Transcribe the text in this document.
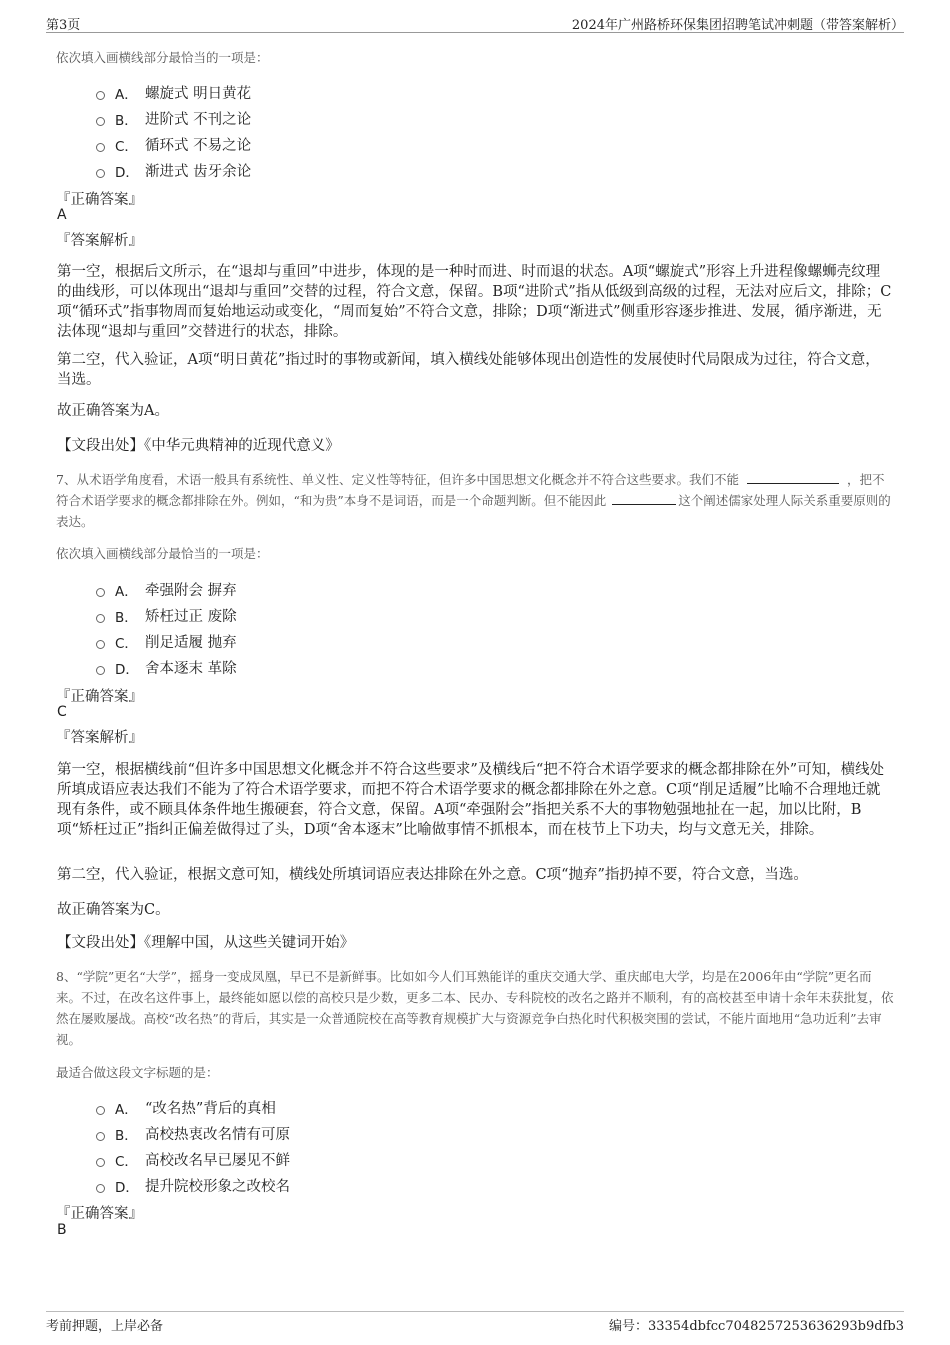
第3页	2024年广州路桥环保集团招聘笔试冲刺题（带答案解析）
依次填入画横线部分最恰当的一项是：
A． 螺旋式 明日黄花
B． 进阶式 不刊之论
C． 循环式 不易之论
D． 渐进式 齿牙余论
『正确答案』
A
『答案解析』
第一空，根据后文所示，在“退却与重回”中进步，体现的是一种时而进、时而退的状态。A项“螺旋式”形容上升进程像螺蛳壳纹理的曲线形，可以体现出“退却与重回”交替的过程，符合文意，保留。B项“进阶式”指从低级到高级的过程，无法对应后文，排除；C项“循环式”指事物周而复始地运动或变化，“周而复始”不符合文意，排除；D项“渐进式”侧重形容逐步推进、发展，循序渐进，无法体现“退却与重回”交替进行的状态，排除。
第二空，代入验证，A项“明日黄花”指过时的事物或新闻，填入横线处能够体现出创造性的发展使时代局限成为过往，符合文意，当选。
故正确答案为A。
【文段出处】《中华元典精神的近现代意义》
7、从术语学角度看，术语一般具有系统性、单义性、定义性等特征，但许多中国思想文化概念并不符合这些要求。我们不能	，把不符合术语学要求的概念都排除在外。例如，“和为贵”本身不是词语，而是一个命题判断。但不能因此	这个阐述儒家处理人际关系重要原则的表达。
依次填入画横线部分最恰当的一项是：
A． 牵强附会 摒弃
B． 矫枉过正 废除
C． 削足适履 抛弃
D． 舍本逐末 革除
『正确答案』
C
『答案解析』
第一空，根据横线前“但许多中国思想文化概念并不符合这些要求”及横线后“把不符合术语学要求的概念都排除在外”可知，横线处所填成语应表达我们不能为了符合术语学要求，而把不符合术语学要求的概念都排除在外之意。C项“削足适履”比喻不合理地迁就现有条件，或不顾具体条件地生搬硬套，符合文意，保留。A项“牵强附会”指把关系不大的事物勉强地扯在一起，加以比附，B项“矫枉过正”指纠正偏差做得过了头，D项“舍本逐末”比喻做事情不抓根本，而在枝节上下功夫，均与文意无关，排除。
第二空，代入验证，根据文意可知，横线处所填词语应表达排除在外之意。C项“抛弃”指扔掉不要，符合文意，当选。
故正确答案为C。
【文段出处】《理解中国，从这些关键词开始》
8、“学院”更名“大学”，摇身一变成凤凰，早已不是新鲜事。比如如今人们耳熟能详的重庆交通大学、重庆邮电大学，均是在2006年由“学院”更名而来。不过，在改名这件事上，最终能如愿以偿的高校只是少数，更多二本、民办、专科院校的改名之路并不顺利，有的高校甚至申请十余年未获批复，依然在屡败屡战。高校“改名热”的背后，其实是一众普通院校在高等教育规模扩大与资源竞争白热化时代积极突围的尝试，不能片面地用“急功近利”去审视。
最适合做这段文字标题的是：
A． “改名热”背后的真相
B． 高校热衷改名情有可原
C． 高校改名早已屡见不鲜
D． 提升院校形象之改校名
『正确答案』
B
考前押题，上岸必备	编号：33354dbfcc7048257253636293b9dfb3
